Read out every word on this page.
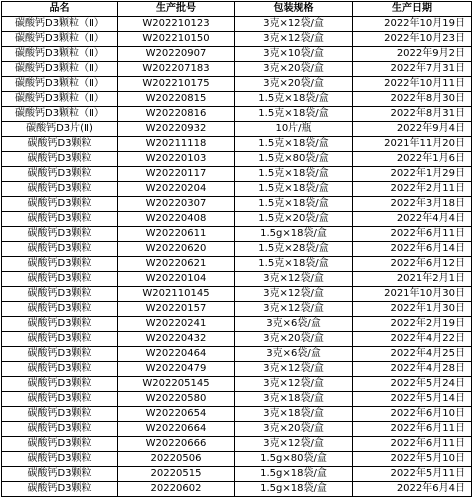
品名	生产批号	包装规格	生产日期
碳酸钙D3颗粒（Ⅱ）	W202210123	3克×12袋/盒	2022年10月19日
碳酸钙D3颗粒（Ⅱ）	W202210150	3克×12袋/盒	2022年10月23日
碳酸钙D3颗粒（Ⅱ）	W20220907	3克×10袋/盒	2022年9月2日
碳酸钙D3颗粒（Ⅱ）	W202207183	3克×20袋/盒	2022年7月31日
碳酸钙D3颗粒（Ⅱ）	W202210175	3克×20袋/盒	2022年10月11日
碳酸钙D3颗粒（Ⅱ）	W20220815	1.5克×18袋/盒	2022年8月30日
碳酸钙D3颗粒（Ⅱ）	W20220816	1.5克×18袋/盒	2022年8月31日
碳酸钙D3片(Ⅱ)	W20220932	10片/瓶	2022年9月4日
碳酸钙D3颗粒	W20211118	1.5克×18袋/盒	2021年11月20日
碳酸钙D3颗粒	W20220103	1.5克×80袋/盒	2022年1月6日
碳酸钙D3颗粒	W20220117	1.5克×18袋/盒	2022年1月29日
碳酸钙D3颗粒	W20220204	1.5克×18袋/盒	2022年2月11日
碳酸钙D3颗粒	W20220307	1.5克×18袋/盒	2022年3月18日
碳酸钙D3颗粒	W20220408	1.5克×20袋/盒	2022年4月4日
碳酸钙D3颗粒	W20220611	1.5g×18袋/盒	2022年6月11日
碳酸钙D3颗粒	W20220620	1.5克×28袋/盒	2022年6月14日
碳酸钙D3颗粒	W20220621	1.5克×18袋/盒	2022年6月12日
碳酸钙D3颗粒	W20220104	3克×12袋/盒	2021年2月1日
碳酸钙D3颗粒	W202110145	3克×12袋/盒	2021年10月30日
碳酸钙D3颗粒	W20220157	3克×12袋/盒	2022年1月30日
碳酸钙D3颗粒	W20220241	3克×6袋/盒	2022年2月19日
碳酸钙D3颗粒	W20220432	3克×20袋/盒	2022年4月22日
碳酸钙D3颗粒	W20220464	3克×6袋/盒	2022年4月25日
碳酸钙D3颗粒	W20220479	3克×12袋/盒	2022年4月28日
碳酸钙D3颗粒	W202205145	3克×12袋/盒	2022年5月24日
碳酸钙D3颗粒	W20220580	3克×18袋/盒	2022年5月14日
碳酸钙D3颗粒	W20220654	3克×18袋/盒	2022年6月10日
碳酸钙D3颗粒	W20220664	3克×20袋/盒	2022年6月11日
碳酸钙D3颗粒	W20220666	3克×12袋/盒	2022年6月11日
碳酸钙D3颗粒	20220506	1.5g×80袋/盒	2022年5月10日
碳酸钙D3颗粒	20220515	1.5g×18袋/盒	2022年5月11日
碳酸钙D3颗粒	20220602	1.5g×18袋/盒	2022年6月4日
